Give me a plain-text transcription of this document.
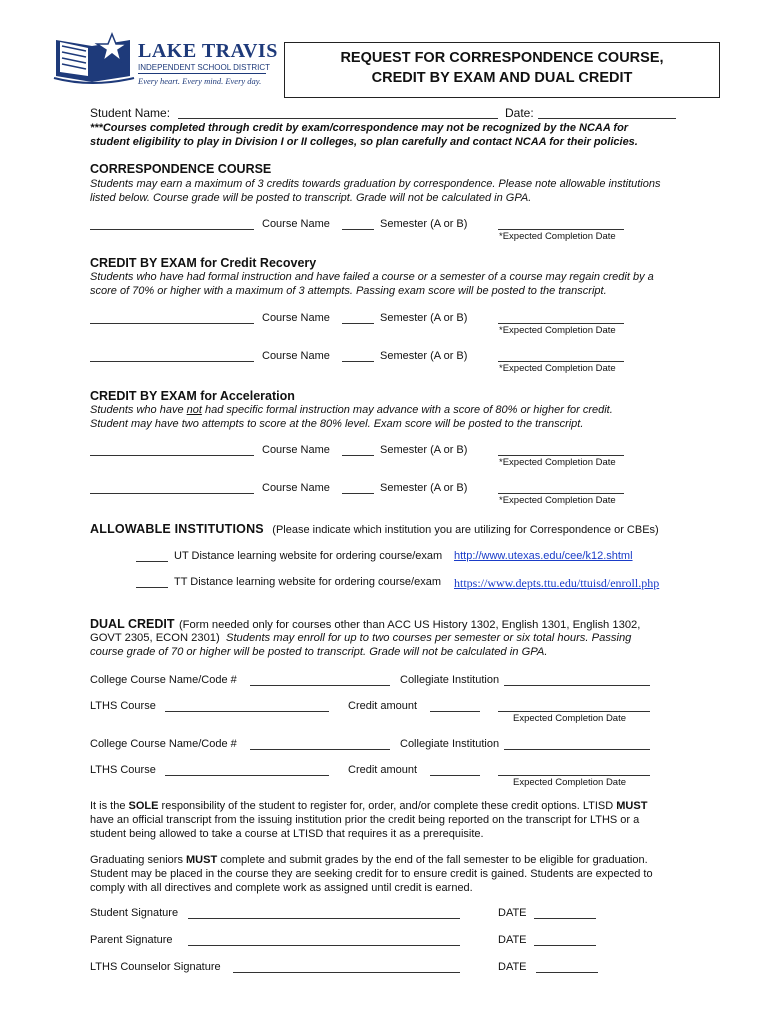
LAKE TRAVIS
INDEPENDENT SCHOOL DISTRICT
Every heart. Every mind. Every day.
REQUEST FOR CORRESPONDENCE COURSE,
CREDIT BY EXAM AND DUAL CREDIT
Student Name:	Date:
***Courses completed through credit by exam/correspondence may not be recognized by the NCAA for
student eligibility to play in Division I or II colleges, so plan carefully and contact NCAA for their policies.
CORRESPONDENCE COURSE
Students may earn a maximum of 3 credits towards graduation by correspondence. Please note allowable institutions
listed below. Course grade will be posted to transcript. Grade will not be calculated in GPA.
Course Name	Semester (A or B)
*Expected Completion Date
CREDIT BY EXAM for Credit Recovery
Students who have had formal instruction and have failed a course or a semester of a course may regain credit by a
score of 70% or higher with a maximum of 3 attempts. Passing exam score will be posted to the transcript.
Course Name	Semester (A or B)
*Expected Completion Date
Course Name	Semester (A or B)
*Expected Completion Date
CREDIT BY EXAM for Acceleration
Students who have not had specific formal instruction may advance with a score of 80% or higher for credit.
Student may have two attempts to score at the 80% level. Exam score will be posted to the transcript.
Course Name	Semester (A or B)
*Expected Completion Date
Course Name	Semester (A or B)
*Expected Completion Date
ALLOWABLE INSTITUTIONS (Please indicate which institution you are utilizing for Correspondence or CBEs)
UT Distance learning website for ordering course/exam http://www.utexas.edu/cee/k12.shtml
TT Distance learning website for ordering course/exam https://www.depts.ttu.edu/ttuisd/enroll.php
DUAL CREDIT (Form needed only for courses other than ACC US History 1302, English 1301, English 1302,
GOVT 2305, ECON 2301) Students may enroll for up to two courses per semester or six total hours. Passing
course grade of 70 or higher will be posted to transcript. Grade will not be calculated in GPA.
College Course Name/Code #	Collegiate Institution
LTHS Course	Credit amount
Expected Completion Date
College Course Name/Code #	Collegiate Institution
LTHS Course	Credit amount
Expected Completion Date
It is the SOLE responsibility of the student to register for, order, and/or complete these credit options. LTISD MUST
have an official transcript from the issuing institution prior the credit being reported on the transcript for LTHS or a
student being allowed to take a course at LTISD that requires it as a prerequisite.
Graduating seniors MUST complete and submit grades by the end of the fall semester to be eligible for graduation.
Student may be placed in the course they are seeking credit for to ensure credit is gained. Students are expected to
comply with all directives and complete work as assigned until credit is earned.
Student Signature	DATE
Parent Signature	DATE
LTHS Counselor Signature	DATE
